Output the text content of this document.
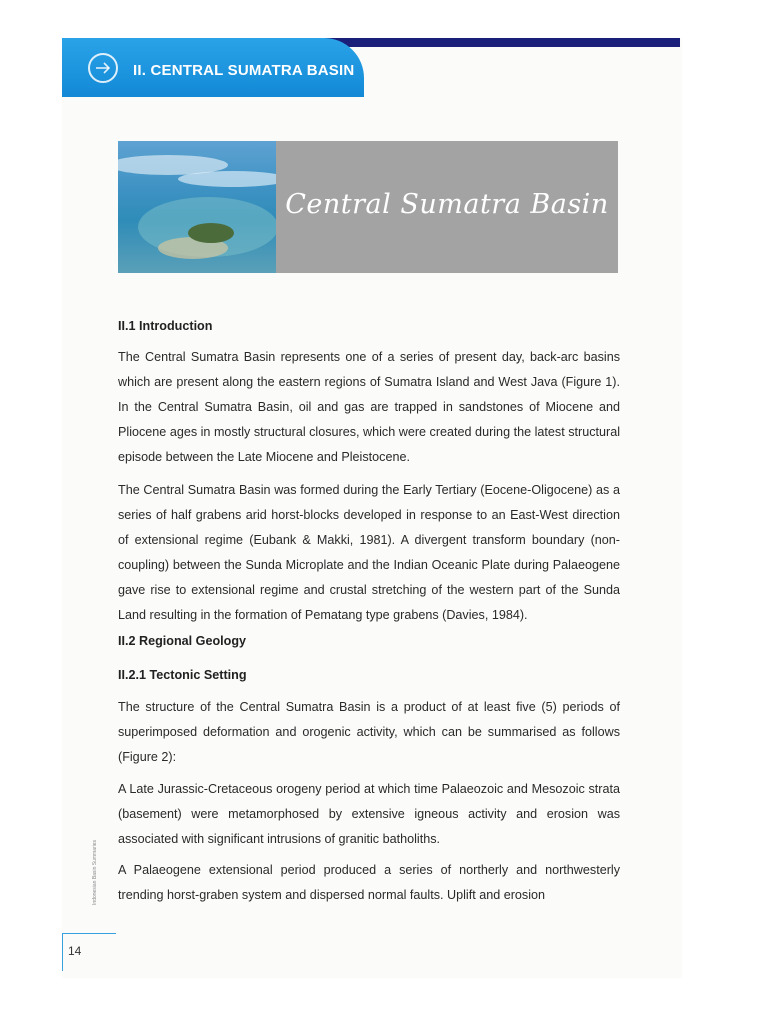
II. CENTRAL SUMATRA BASIN
Central Sumatra Basin
II.1 Introduction

The Central Sumatra Basin represents one of a series of present day, back-arc basins which are present along the eastern regions of Sumatra Island and West Java (Figure 1). In the Central Sumatra Basin, oil and gas are trapped in sandstones of Miocene and Pliocene ages in mostly structural closures, which were created during the latest structural episode between the Late Miocene and Pleistocene.

The Central Sumatra Basin was formed during the Early Tertiary (Eocene-Oligocene) as a series of half grabens arid horst-blocks developed in response to an East-West direction of extensional regime (Eubank & Makki, 1981). A divergent transform boundary (non-coupling) between the Sunda Microplate and the Indian Oceanic Plate during Palaeogene gave rise to extensional regime and crustal stretching of the western part of the Sunda Land resulting in the formation of Pematang type grabens (Davies, 1984).

II.2 Regional Geology
II.2.1 Tectonic Setting

The structure of the Central Sumatra Basin is a product of at least five (5) periods of superimposed deformation and orogenic activity, which can be summarised as follows (Figure 2):

A Late Jurassic-Cretaceous orogeny period at which time Palaeozoic and Mesozoic strata (basement) were metamorphosed by extensive igneous activity and erosion was associated with significant intrusions of granitic batholiths.

A Palaeogene extensional period produced a series of northerly and northwesterly trending horst-graben system and dispersed normal faults. Uplift and erosion

Indonesian Basin Summaries
14
